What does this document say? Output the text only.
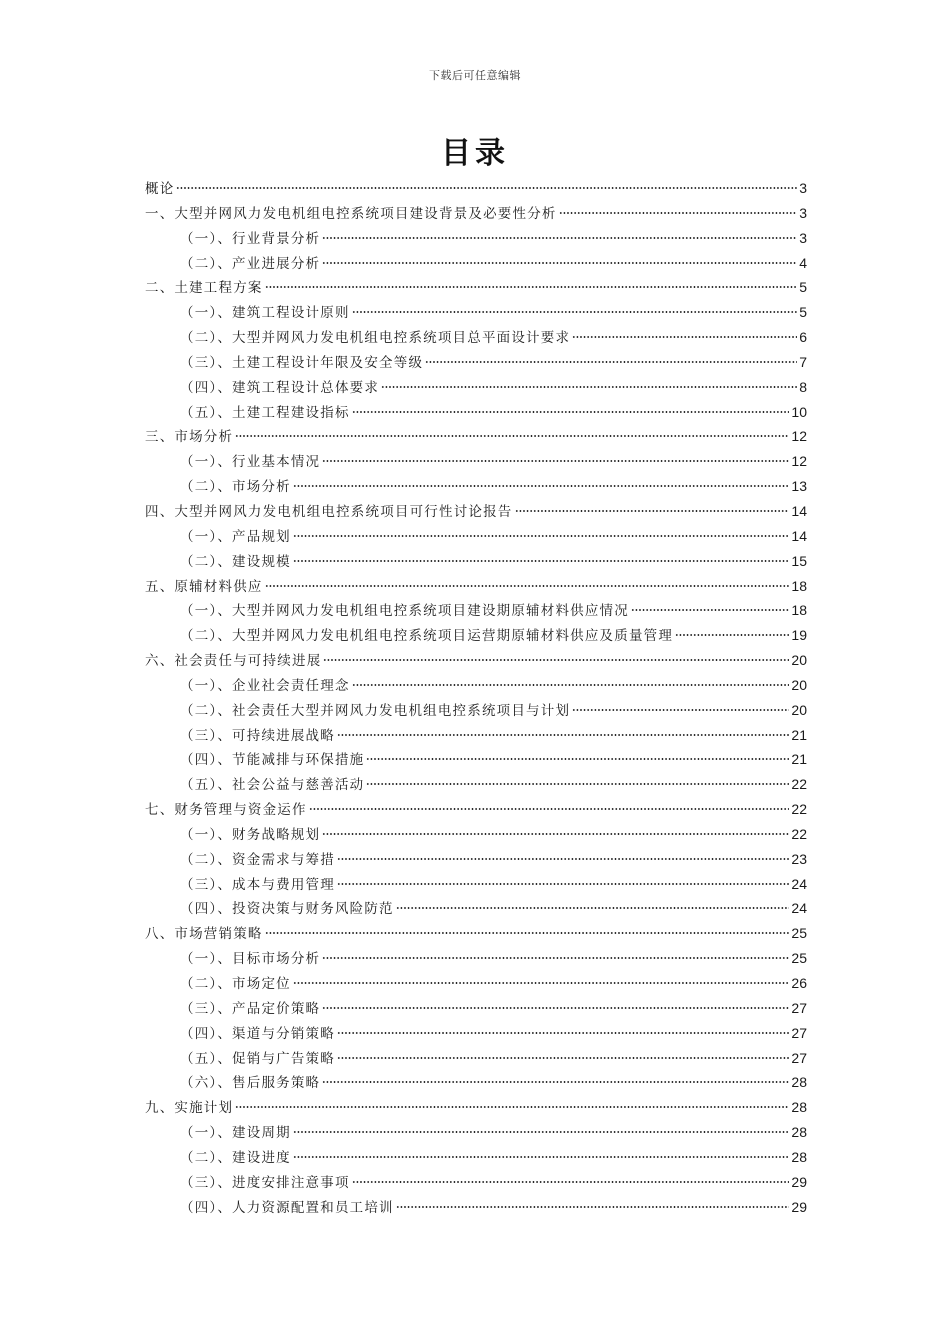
下载后可任意编辑
目录
概论	3
一、大型并网风力发电机组电控系统项目建设背景及必要性分析	3
（一）、行业背景分析	3
（二）、产业进展分析	4
二、土建工程方案	5
（一）、建筑工程设计原则	5
（二）、大型并网风力发电机组电控系统项目总平面设计要求	6
（三）、土建工程设计年限及安全等级	7
（四）、建筑工程设计总体要求	8
（五）、土建工程建设指标	10
三、市场分析	12
（一）、行业基本情况	12
（二）、市场分析	13
四、大型并网风力发电机组电控系统项目可行性讨论报告	14
（一）、产品规划	14
（二）、建设规模	15
五、原辅材料供应	18
（一）、大型并网风力发电机组电控系统项目建设期原辅材料供应情况	18
（二）、大型并网风力发电机组电控系统项目运营期原辅材料供应及质量管理	19
六、社会责任与可持续进展	20
（一）、企业社会责任理念	20
（二）、社会责任大型并网风力发电机组电控系统项目与计划	20
（三）、可持续进展战略	21
（四）、节能减排与环保措施	21
（五）、社会公益与慈善活动	22
七、财务管理与资金运作	22
（一）、财务战略规划	22
（二）、资金需求与筹措	23
（三）、成本与费用管理	24
（四）、投资决策与财务风险防范	24
八、市场营销策略	25
（一）、目标市场分析	25
（二）、市场定位	26
（三）、产品定价策略	27
（四）、渠道与分销策略	27
（五）、促销与广告策略	27
（六）、售后服务策略	28
九、实施计划	28
（一）、建设周期	28
（二）、建设进度	28
（三）、进度安排注意事项	29
（四）、人力资源配置和员工培训	29
